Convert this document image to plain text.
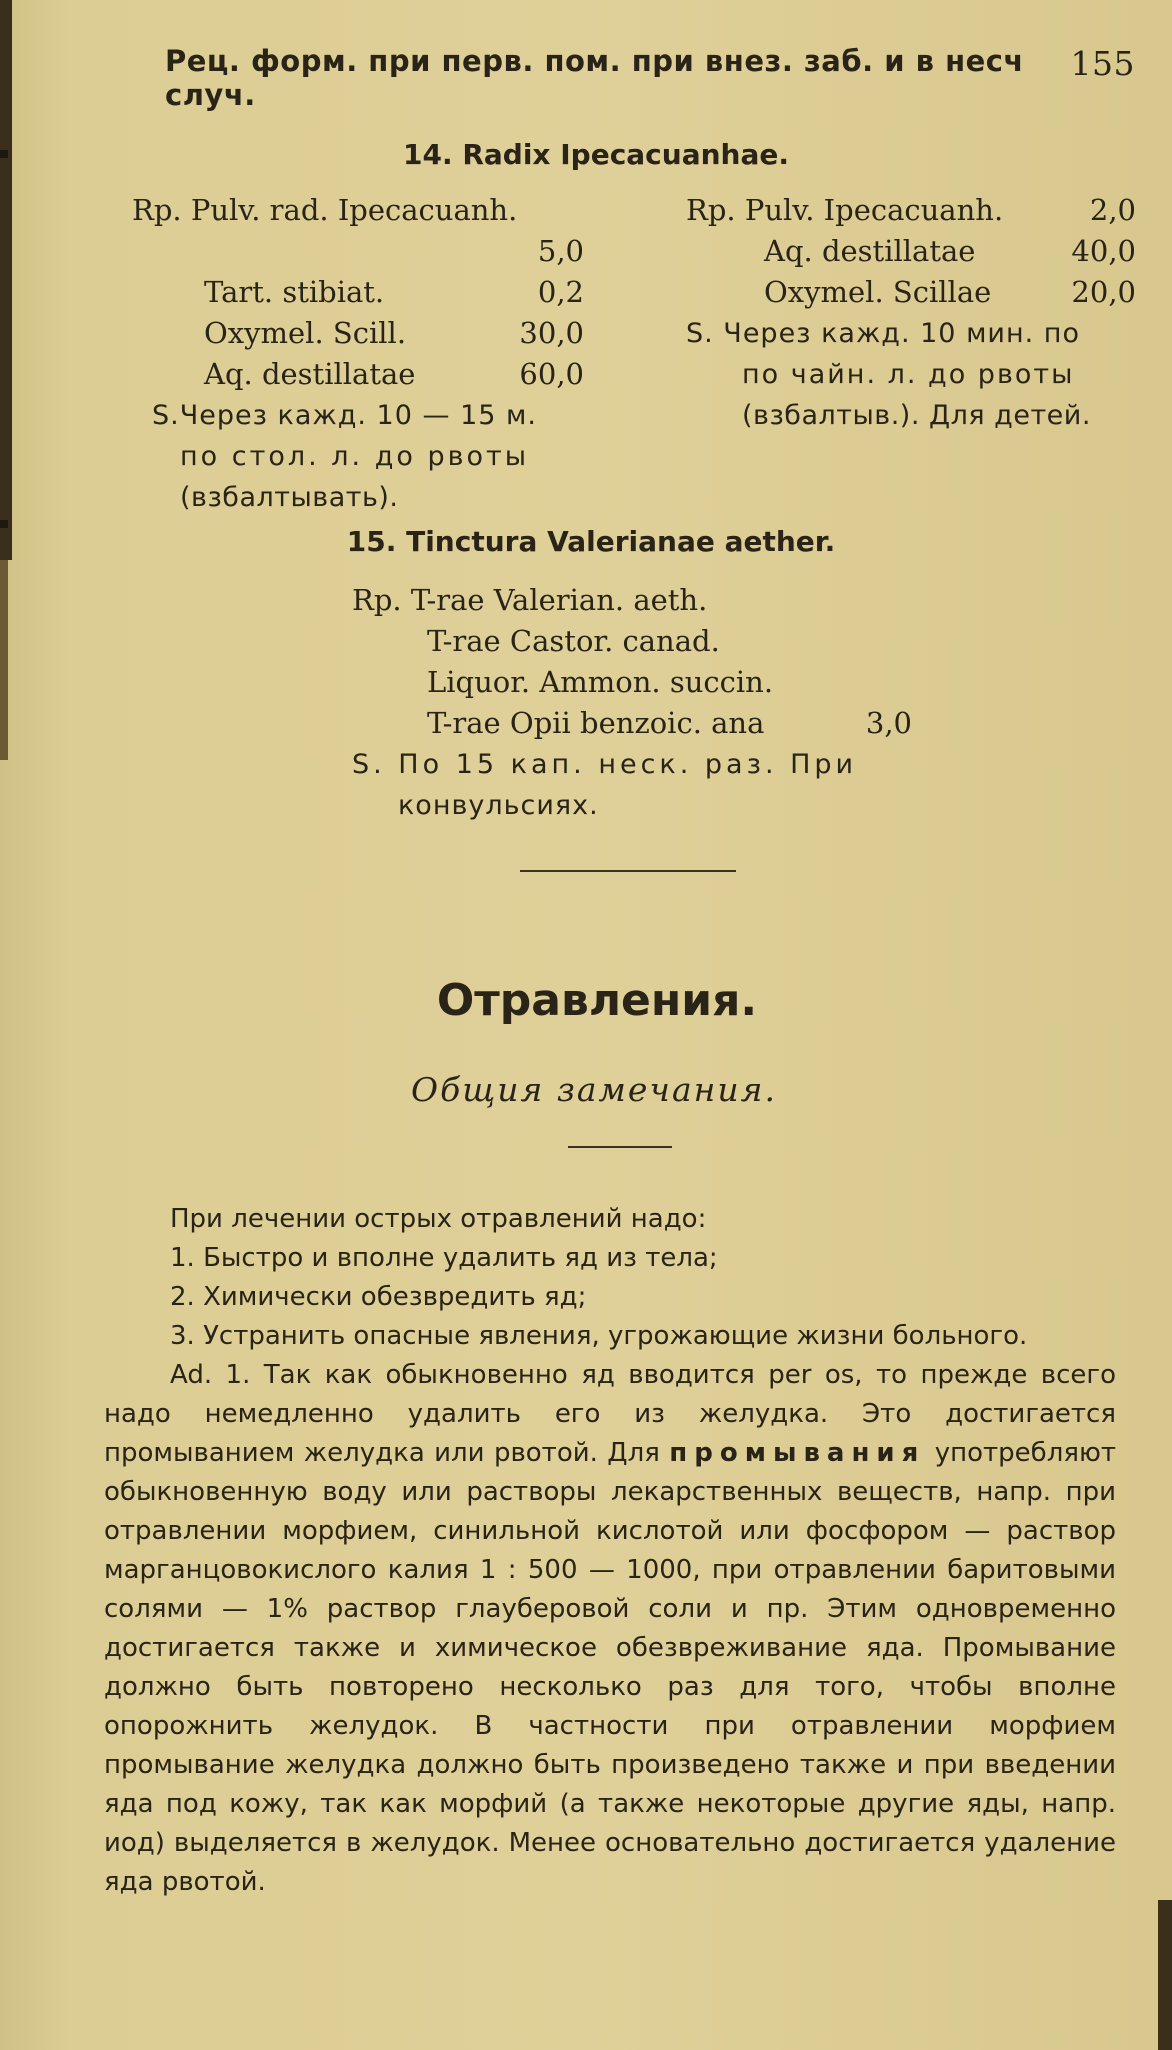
Рец. форм. при перв. пом. при внез. заб. и в несч случ.
155
14. Radix Ipecacuanhae.
Rp. Pulv. rad. Ipecacuanh.
5,0
Tart. stibiat.	0,2
Oxymel. Scill.	30,0
Aq. destillatae	60,0
S.Через кажд. 10 — 15 м.
по стол. л. до рвоты
(взбалтывать).
Rp. Pulv. Ipecacuanh.	2,0
Aq. destillatae	40,0
Oxymel. Scillae	20,0
S. Через кажд. 10 мин. по
по чайн. л. до рвоты
(взбалтыв.). Для детей.
15. Tinctura Valerianae aether.
Rp. T-rae Valerian. aeth.
T-rae Castor. canad.
Liquor. Ammon. succin.
T-rae Opii benzoic. ana	3,0
S. По 15 кап. неск. раз. При
конвульсиях.
Отравления.
Общия замечания.

При лечении острых отравлений надо:

1. Быстро и вполне удалить яд из тела;

2. Химически обезвредить яд;

3. Устранить опасные явления, угрожающие жизни больного.

Ad. 1. Так как обыкновенно яд вводится per os, то прежде всего надо немедленно удалить его из желудка. Это достигается промыванием желудка или рвотой. Для промывания употребляют обыкновенную воду или растворы лекарственных веществ, напр. при отравлении морфием, синильной кислотой или фосфором — раствор марганцовокислого калия 1 : 500 — 1000, при отравлении баритовыми солями — 1% раствор глауберовой соли и пр. Этим одновременно достигается также и химическое обезвреживание яда. Промывание должно быть повторено несколько раз для того, чтобы вполне опорожнить желудок. В частности при отравлении морфием промывание желудка должно быть произведено также и при введении яда под кожу, так как морфий (а также некоторые другие яды, напр. иод) выделяется в желудок. Менее основательно достигается удаление яда рвотой.
